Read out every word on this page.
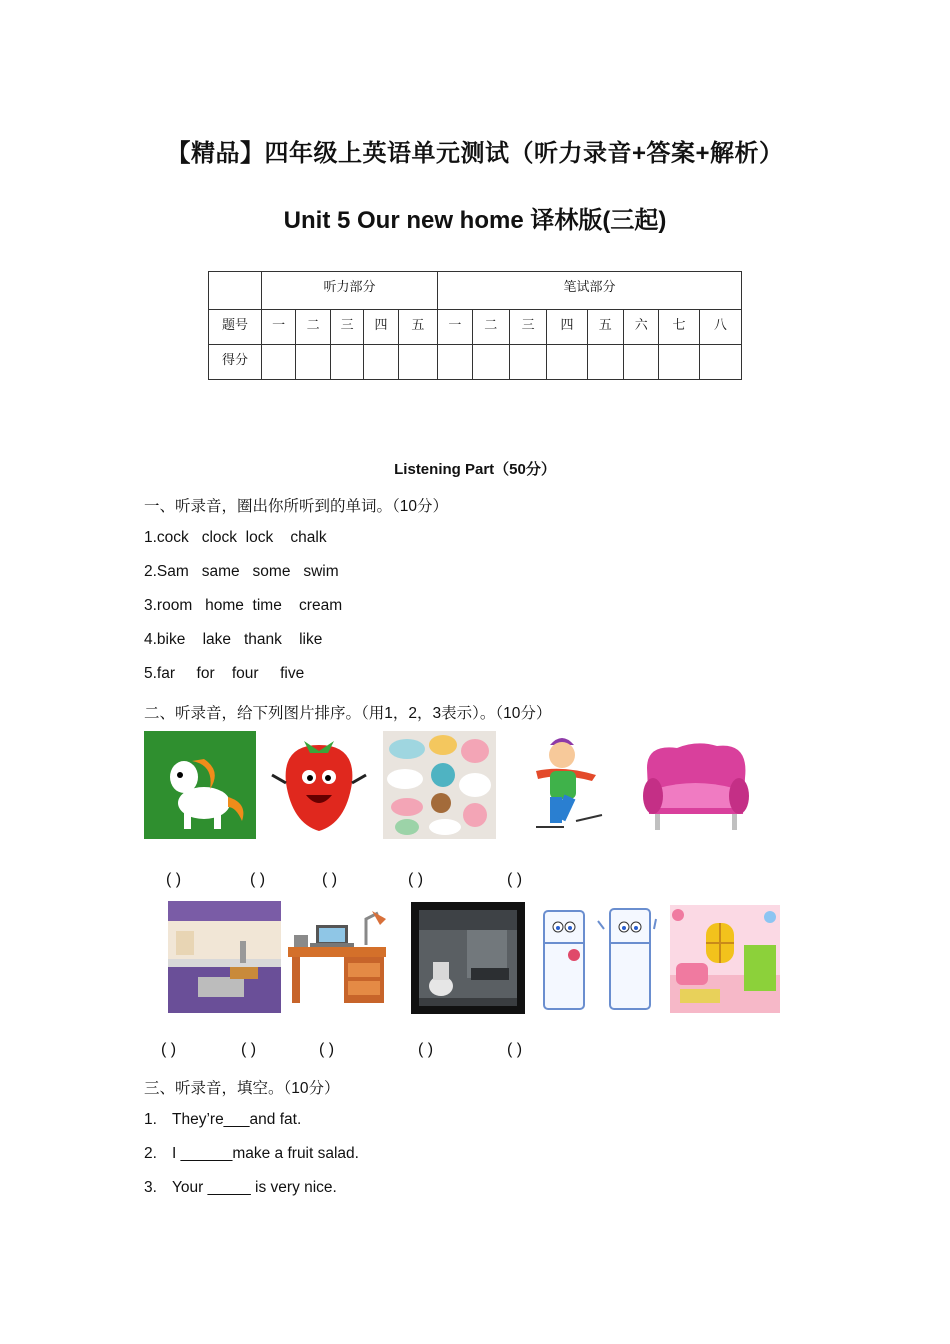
【精品】四年级上英语单元测试（听力录音+答案+解析）
Unit 5 Our new home 译林版(三起)
	听力部分					笔试部分							
题号	一	二	三	四	五	一	二	三	四	五	六	七	八
得分													
Listening Part（50分）
一、听录音，圈出你所听到的单词。（10分）
1.cock   clock  lock    chalk
2.Sam   same   some   swim
3.room   home  time    cream
4.bike    lake   thank    like
5.far     for    four     five
二、听录音，给下列图片排序。（用1，2，3表示）。（10分）
( )	( )	( )	( )	( )
( )	( )	( )	( )	( )
三、听录音，填空。（10分）
1. They’re___and fat.
2. I ______make a fruit salad.
3. Your _____ is very nice.
